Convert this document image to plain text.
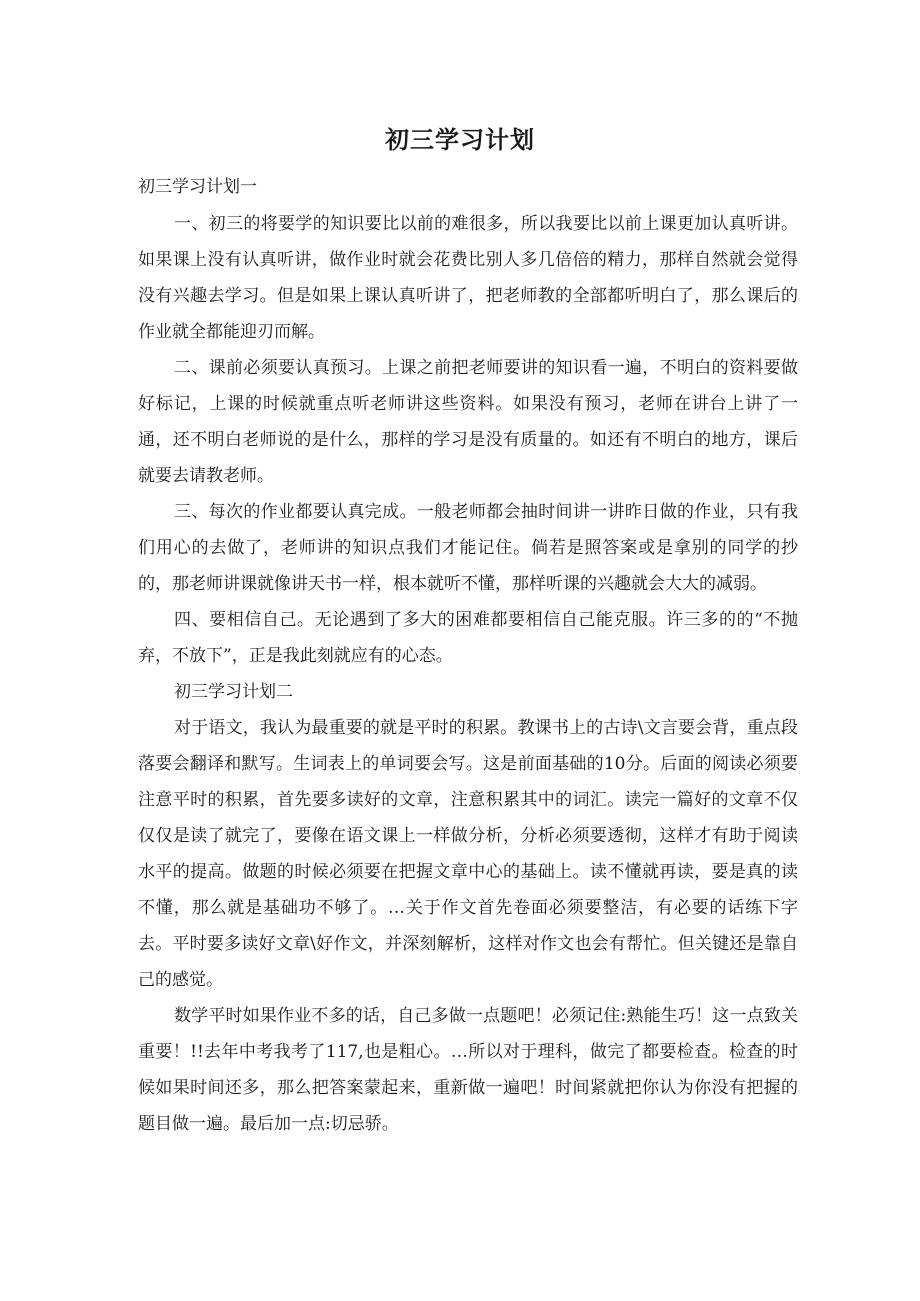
初三学习计划
初三学习计划一

一、初三的将要学的知识要比以前的难很多，所以我要比以前上课更加认真听讲。如果课上没有认真听讲，做作业时就会花费比别人多几倍倍的精力，那样自然就会觉得没有兴趣去学习。但是如果上课认真听讲了，把老师教的全部都听明白了，那么课后的作业就全都能迎刃而解。

二、课前必须要认真预习。上课之前把老师要讲的知识看一遍，不明白的资料要做好标记，上课的时候就重点听老师讲这些资料。如果没有预习，老师在讲台上讲了一通，还不明白老师说的是什么，那样的学习是没有质量的。如还有不明白的地方，课后就要去请教老师。

三、每次的作业都要认真完成。一般老师都会抽时间讲一讲昨日做的作业，只有我们用心的去做了，老师讲的知识点我们才能记住。倘若是照答案或是拿别的同学的抄的，那老师讲课就像讲天书一样，根本就听不懂，那样听课的兴趣就会大大的减弱。

四、要相信自己。无论遇到了多大的困难都要相信自己能克服。许三多的的“不抛弃，不放下”，正是我此刻就应有的心态。

初三学习计划二

对于语文，我认为最重要的就是平时的积累。教课书上的古诗\文言要会背，重点段落要会翻译和默写。生词表上的单词要会写。这是前面基础的10分。后面的阅读必须要注意平时的积累，首先要多读好的文章，注意积累其中的词汇。读完一篇好的文章不仅仅仅是读了就完了，要像在语文课上一样做分析，分析必须要透彻，这样才有助于阅读水平的提高。做题的时候必须要在把握文章中心的基础上。读不懂就再读，要是真的读不懂，那么就是基础功不够了。…关于作文首先卷面必须要整洁，有必要的话练下字去。平时要多读好文章\好作文，并深刻解析，这样对作文也会有帮忙。但关键还是靠自己的感觉。

数学平时如果作业不多的话，自己多做一点题吧！必须记住:熟能生巧！这一点致关重要！!!去年中考我考了117,也是粗心。…所以对于理科，做完了都要检查。检查的时候如果时间还多，那么把答案蒙起来，重新做一遍吧！时间紧就把你认为你没有把握的题目做一遍。最后加一点:切忌骄。
